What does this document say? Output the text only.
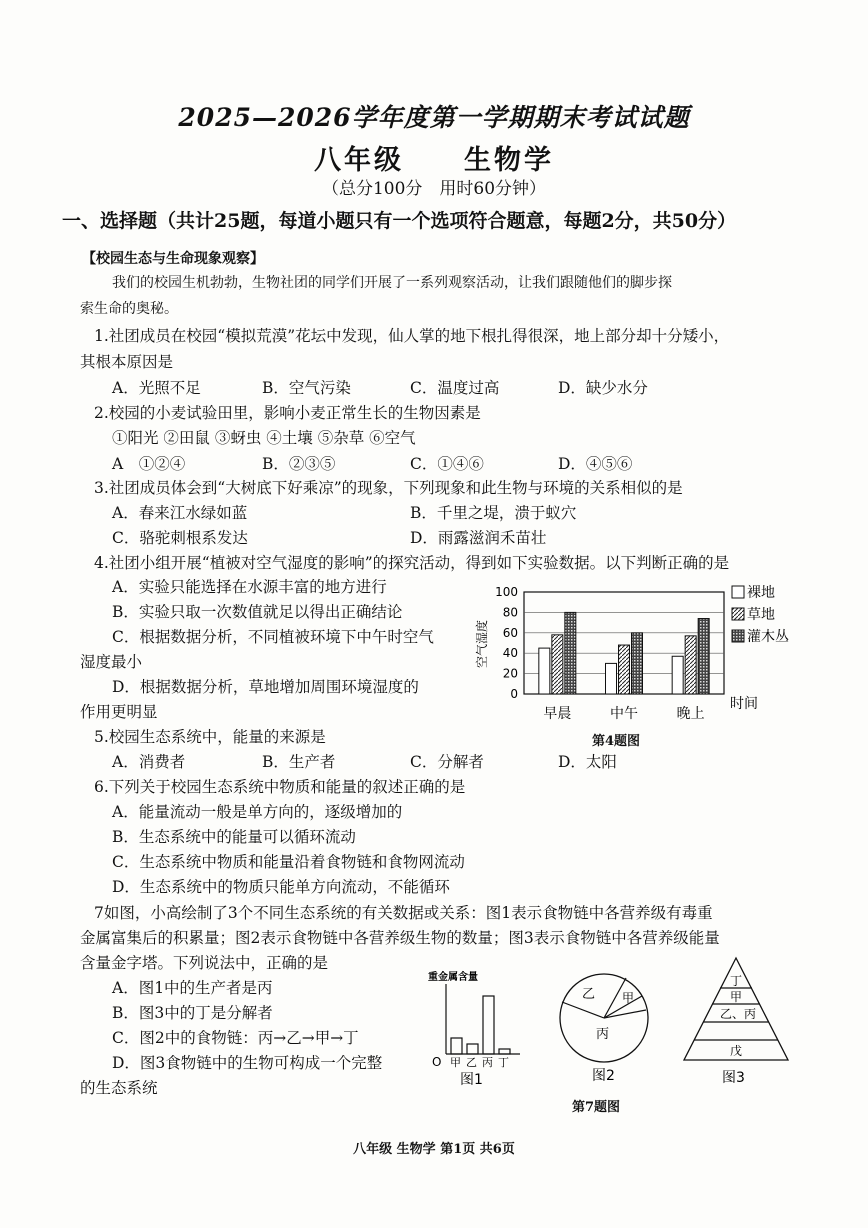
2025—2026学年度第一学期期末考试试题
八年级　　生物学
（总分100分　用时60分钟）
一、选择题（共计25题，每道小题只有一个选项符合题意，每题2分，共50分）
【校园生态与生命现象观察】
我们的校园生机勃勃，生物社团的同学们开展了一系列观察活动，让我们跟随他们的脚步探
索生命的奥秘。
1.社团成员在校园“模拟荒漠”花坛中发现，仙人掌的地下根扎得很深，地上部分却十分矮小，
其根本原因是
A．光照不足	B．空气污染	C．温度过高	D．缺少水分
2.校园的小麦试验田里，影响小麦正常生长的生物因素是
①阳光 ②田鼠 ③蚜虫 ④土壤 ⑤杂草 ⑥空气
A　①②④	B．②③⑤	C．①④⑥	D．④⑤⑥
3.社团成员体会到“大树底下好乘凉”的现象，下列现象和此生物与环境的关系相似的是
A．春来江水绿如蓝	B．千里之堤，溃于蚁穴
C．骆驼刺根系发达	D．雨露滋润禾苗壮
4.社团小组开展“植被对空气湿度的影响”的探究活动，得到如下实验数据。以下判断正确的是
A．实验只能选择在水源丰富的地方进行
B．实验只取一次数值就足以得出正确结论
C．根据数据分析，不同植被环境下中午时空气
湿度最小
D．根据数据分析，草地增加周围环境湿度的
作用更明显
空气湿度
0
20
40
60
80
100
早晨	中午	晚上
时间
裸地
草地
灌木丛
第4题图
5.校园生态系统中，能量的来源是
A．消费者	B．生产者	C．分解者	D．太阳
6.下列关于校园生态系统中物质和能量的叙述正确的是
A．能量流动一般是单方向的，逐级增加的
B．生态系统中的能量可以循环流动
C．生态系统中物质和能量沿着食物链和食物网流动
D．生态系统中的物质只能单方向流动，不能循环
7如图，小高绘制了3个不同生态系统的有关数据或关系：图1表示食物链中各营养级有毒重
金属富集后的积累量；图2表示食物链中各营养级生物的数量；图3表示食物链中各营养级能量
含量金字塔。下列说法中，正确的是
A．图1中的生产者是丙
B．图3中的丁是分解者
C．图2中的食物链：丙→乙→甲→丁
D．图3食物链中的生物可构成一个完整
的生态系统
重金属含量
O 甲 乙 丙 丁
图1
乙 甲
丙
图2
丁
甲
乙、丙
戊
图3
第7题图
八年级 生物学 第1页 共6页
